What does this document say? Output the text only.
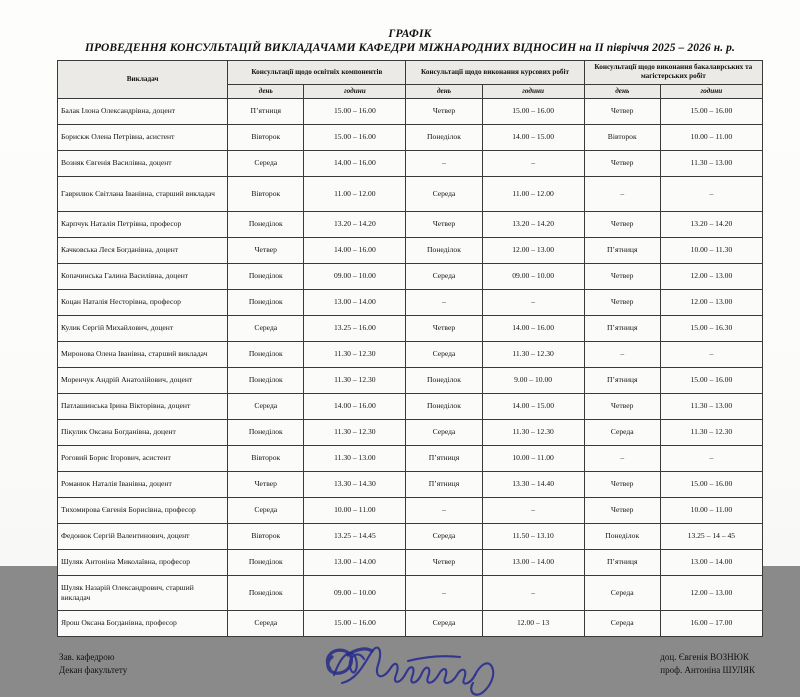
ГРАФІК
ПРОВЕДЕННЯ КОНСУЛЬТАЦІЙ ВИКЛАДАЧАМИ КАФЕДРИ МІЖНАРОДНИХ ВІДНОСИН на ІІ півріччя 2025 – 2026 н. р.
Викладач	Консультації щодо освітніх компонентів		Консультації щодо виконання курсових робіт		Консультації щодо виконання бакалаврських та магістерських робіт	
	день	години	день	години	день	години
Балак Ілона Олександрівна, доцент	П’ятниця	15.00 – 16.00	Четвер	15.00 – 16.00	Четвер	15.00 – 16.00
Борискж Олена Петрівна, асистент	Вівторок	15.00 – 16.00	Понеділок	14.00 – 15.00	Вівторок	10.00 – 11.00
Возняк Євгенія Василівна, доцент	Середа	14.00 – 16.00	–	–	Четвер	11.30 – 13.00
Гаврилюк Світлана Іванівна, старший викладач	Вівторок	11.00 – 12.00	Середа	11.00 – 12.00	–	–
Карпчук Наталія Петрівна, професор	Понеділок	13.20 – 14.20	Четвер	13.20 – 14.20	Четвер	13.20 – 14.20
Качковська Леся Богданівна, доцент	Четвер	14.00 – 16.00	Понеділок	12.00 – 13.00	П’ятниця	10.00 – 11.30
Копачинська Галина Василівна, доцент	Понеділок	09.00 – 10.00	Середа	09.00 – 10.00	Четвер	12.00 – 13.00
Коцан Наталія Несторівна, професор	Понеділок	13.00 – 14.00	–	–	Четвер	12.00 – 13.00
Кулик Сергій Михайлович, доцент	Середа	13.25 – 16.00	Четвер	14.00 – 16.00	П’ятниця	15.00 – 16.30
Миронова Олена Іванівна, старший викладач	Понеділок	11.30 – 12.30	Середа	11.30 – 12.30	–	–
Моренчук Андрій Анатолійович, доцент	Понеділок	11.30 – 12.30	Понеділок	9.00 – 10.00	П’ятниця	15.00 – 16.00
Патлашинська Ірина Вікторівна, доцент	Середа	14.00 – 16.00	Понеділок	14.00 – 15.00	Четвер	11.30 – 13.00
Пікулик Оксана Богданівна, доцент	Понеділок	11.30 – 12.30	Середа	11.30 – 12.30	Середа	11.30 – 12.30
Роговий Борис Ігорович, асистент	Вівторок	11.30 – 13.00	П’ятниця	10.00 – 11.00	–	–
Романюк Наталія Іванівна, доцент	Четвер	13.30 – 14.30	П’ятниця	13.30 – 14.40	Четвер	15.00 – 16.00
Тихомирова Євгенія Борисівна, професор	Середа	10.00 – 11.00	–	–	Четвер	10.00 – 11.00
Федонюк Сергій Валентинович, доцент	Вівторок	13.25 – 14.45	Середа	11.50 – 13.10	Понеділок	13.25 – 14 – 45
Шуляк Антоніна Миколаївна, професор	Понеділок	13.00 – 14.00	Четвер	13.00 – 14.00	П’ятниця	13.00 – 14.00
Шуляк Назарій Олександрович, старший викладач	Понеділок	09.00 – 10.00	–	–	Середа	12.00 – 13.00
Ярош Оксана Богданівна, професор	Середа	15.00 – 16.00	Середа	12.00 – 13	Середа	16.00 – 17.00
Зав. кафедрою
Декан факультету
доц. Євгенія ВОЗНЮК
проф. Антоніна ШУЛЯК
